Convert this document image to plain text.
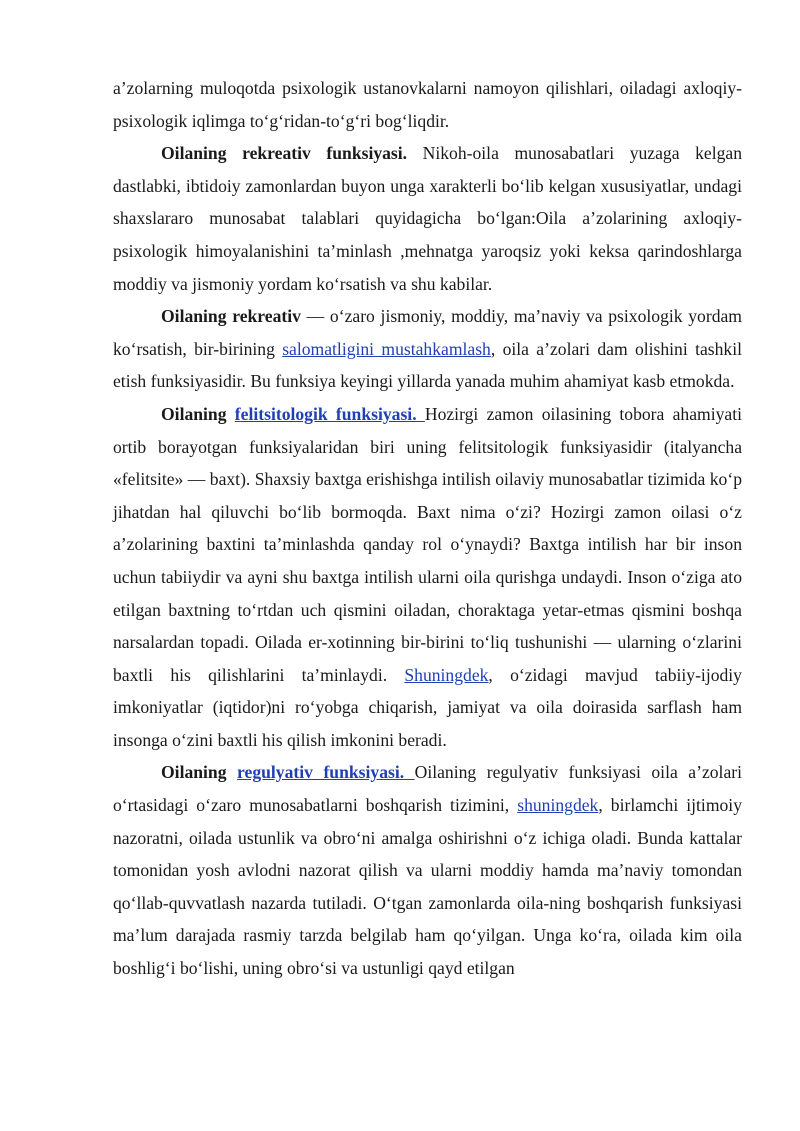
a’zolarning muloqotda psixologik ustanovkalarni namoyon qilishlari, oiladagi axloqiy-psixologik iqlimga to‘g‘ridan-to‘g‘ri bog‘liqdir.

Oilaning rekreativ funksiyasi. Nikoh-oila munosabatlari yuzaga kelgan dastlabki, ibtidoiy zamonlardan buyon unga xarakterli bo‘lib kelgan xususiyatlar, undagi shaxslararo munosabat talablari quyidagicha bo‘lgan:Oila a’zolarining axloqiy-psixologik himoyalanishini ta’minlash ,mehnatga yaroqsiz yoki keksa qarindoshlarga moddiy va jismoniy yordam ko‘rsatish va shu kabilar.

Oilaning rekreativ — o‘zaro jismoniy, moddiy, ma’naviy va psixologik yordam ko‘rsatish, bir-birining salomatligini mustahkamlash, oila a’zolari dam olishini tashkil etish funksiyasidir. Bu funksiya keyingi yillarda yanada muhim ahamiyat kasb etmokda.

Oilaning felitsitologik funksiyasi. Hozirgi zamon oilasining tobora ahamiyati ortib borayotgan funksiyalaridan biri uning felitsitologik funksiyasidir (italyancha «felitsite» — baxt). Shaxsiy baxtga erishishga intilish oilaviy munosabatlar tizimida ko‘p jihatdan hal qiluvchi bo‘lib bormoqda. Baxt nima o‘zi? Hozirgi zamon oilasi o‘z a’zolarining baxtini ta’minlashda qanday rol o‘ynaydi? Baxtga intilish har bir inson uchun tabiiydir va ayni shu baxtga intilish ularni oila qurishga undaydi. Inson o‘ziga ato etilgan baxtning to‘rtdan uch qismini oiladan, choraktaga yetar-etmas qismini boshqa narsalardan topadi. Oilada er-xotinning bir-birini to‘liq tushunishi — ularning o‘zlarini baxtli his qilishlarini ta’minlaydi. Shuningdek, o‘zidagi mavjud tabiiy-ijodiy imkoniyatlar (iqtidor)ni ro‘yobga chiqarish, jamiyat va oila doirasida sarflash ham insonga o‘zini baxtli his qilish imkonini beradi.

Oilaning regulyativ funksiyasi. Oilaning regulyativ funksiyasi oila a’zolari o‘rtasidagi o‘zaro munosabatlarni boshqarish tizimini, shuningdek, birlamchi ijtimoiy nazoratni, oilada ustunlik va obro‘ni amalga oshirishni o‘z ichiga oladi. Bunda kattalar tomonidan yosh avlodni nazorat qilish va ularni moddiy hamda ma’naviy tomondan qo‘llab-quvvatlash nazarda tutiladi. O‘tgan zamonlarda oila-ning boshqarish funksiyasi ma’lum darajada rasmiy tarzda belgilab ham qo‘yilgan. Unga ko‘ra, oilada kim oila boshlig‘i bo‘lishi, uning obro‘si va ustunligi qayd etilgan
